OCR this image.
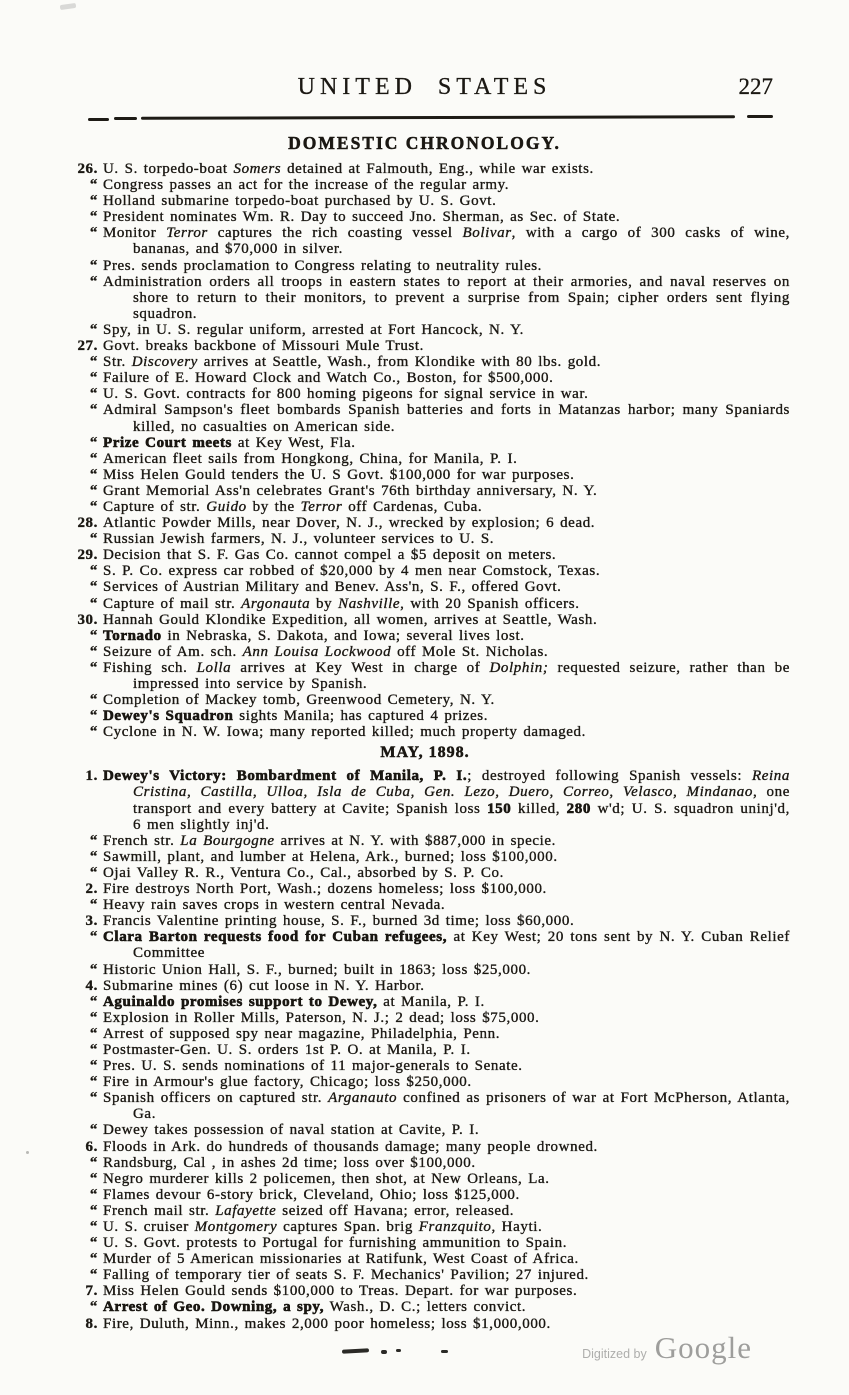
UNITED STATES	227
DOMESTIC CHRONOLOGY.
26. U. S. torpedo-boat Somers detained at Falmouth, Eng., while war exists.
“ Congress passes an act for the increase of the regular army.
“ Holland submarine torpedo-boat purchased by U. S. Govt.
“ President nominates Wm. R. Day to succeed Jno. Sherman, as Sec. of State.
“ Monitor Terror captures the rich coasting vessel Bolivar, with a cargo of 300 casks of wine, bananas, and $70,000 in silver.
“ Pres. sends proclamation to Congress relating to neutrality rules.
“ Administration orders all troops in eastern states to report at their armories, and naval reserves on shore to return to their monitors, to prevent a surprise from Spain; cipher orders sent flying squadron.
“ Spy, in U. S. regular uniform, arrested at Fort Hancock, N. Y.
27. Govt. breaks backbone of Missouri Mule Trust.
“ Str. Discovery arrives at Seattle, Wash., from Klondike with 80 lbs. gold.
“ Failure of E. Howard Clock and Watch Co., Boston, for $500,000.
“ U. S. Govt. contracts for 800 homing pigeons for signal service in war.
“ Admiral Sampson's fleet bombards Spanish batteries and forts in Matanzas harbor; many Spaniards killed, no casualties on American side.
“ Prize Court meets at Key West, Fla.
“ American fleet sails from Hongkong, China, for Manila, P. I.
“ Miss Helen Gould tenders the U. S Govt. $100,000 for war purposes.
“ Grant Memorial Ass'n celebrates Grant's 76th birthday anniversary, N. Y.
“ Capture of str. Guido by the Terror off Cardenas, Cuba.
28. Atlantic Powder Mills, near Dover, N. J., wrecked by explosion; 6 dead.
“ Russian Jewish farmers, N. J., volunteer services to U. S.
29. Decision that S. F. Gas Co. cannot compel a $5 deposit on meters.
“ S. P. Co. express car robbed of $20,000 by 4 men near Comstock, Texas.
“ Services of Austrian Military and Benev. Ass'n, S. F., offered Govt.
“ Capture of mail str. Argonauta by Nashville, with 20 Spanish officers.
30. Hannah Gould Klondike Expedition, all women, arrives at Seattle, Wash.
“ Tornado in Nebraska, S. Dakota, and Iowa; several lives lost.
“ Seizure of Am. sch. Ann Louisa Lockwood off Mole St. Nicholas.
“ Fishing sch. Lolla arrives at Key West in charge of Dolphin; requested seizure, rather than be impressed into service by Spanish.
“ Completion of Mackey tomb, Greenwood Cemetery, N. Y.
“ Dewey's Squadron sights Manila; has captured 4 prizes.
“ Cyclone in N. W. Iowa; many reported killed; much property damaged.
MAY, 1898.
1. Dewey's Victory: Bombardment of Manila, P. I.; destroyed following Spanish vessels: Reina Cristina, Castilla, Ulloa, Isla de Cuba, Gen. Lezo, Duero, Correo, Velasco, Mindanao, one transport and every battery at Cavite; Spanish loss 150 killed, 280 w'd; U. S. squadron uninj'd, 6 men slightly inj'd.
“ French str. La Bourgogne arrives at N. Y. with $887,000 in specie.
“ Sawmill, plant, and lumber at Helena, Ark., burned; loss $100,000.
“ Ojai Valley R. R., Ventura Co., Cal., absorbed by S. P. Co.
2. Fire destroys North Port, Wash.; dozens homeless; loss $100,000.
“ Heavy rain saves crops in western central Nevada.
3. Francis Valentine printing house, S. F., burned 3d time; loss $60,000.
“ Clara Barton requests food for Cuban refugees, at Key West; 20 tons sent by N. Y. Cuban Relief Committee
“ Historic Union Hall, S. F., burned; built in 1863; loss $25,000.
4. Submarine mines (6) cut loose in N. Y. Harbor.
“ Aguinaldo promises support to Dewey, at Manila, P. I.
“ Explosion in Roller Mills, Paterson, N. J.; 2 dead; loss $75,000.
“ Arrest of supposed spy near magazine, Philadelphia, Penn.
“ Postmaster-Gen. U. S. orders 1st P. O. at Manila, P. I.
“ Pres. U. S. sends nominations of 11 major-generals to Senate.
“ Fire in Armour's glue factory, Chicago; loss $250,000.
“ Spanish officers on captured str. Arganauto confined as prisoners of war at Fort McPherson, Atlanta, Ga.
“ Dewey takes possession of naval station at Cavite, P. I.
6. Floods in Ark. do hundreds of thousands damage; many people drowned.
“ Randsburg, Cal , in ashes 2d time; loss over $100,000.
“ Negro murderer kills 2 policemen, then shot, at New Orleans, La.
“ Flames devour 6-story brick, Cleveland, Ohio; loss $125,000.
“ French mail str. Lafayette seized off Havana; error, released.
“ U. S. cruiser Montgomery captures Span. brig Franzquito, Hayti.
“ U. S. Govt. protests to Portugal for furnishing ammunition to Spain.
“ Murder of 5 American missionaries at Ratifunk, West Coast of Africa.
“ Falling of temporary tier of seats S. F. Mechanics' Pavilion; 27 injured.
7. Miss Helen Gould sends $100,000 to Treas. Depart. for war purposes.
“ Arrest of Geo. Downing, a spy, Wash., D. C.; letters convict.
8. Fire, Duluth, Minn., makes 2,000 poor homeless; loss $1,000,000.
Digitized by Google
